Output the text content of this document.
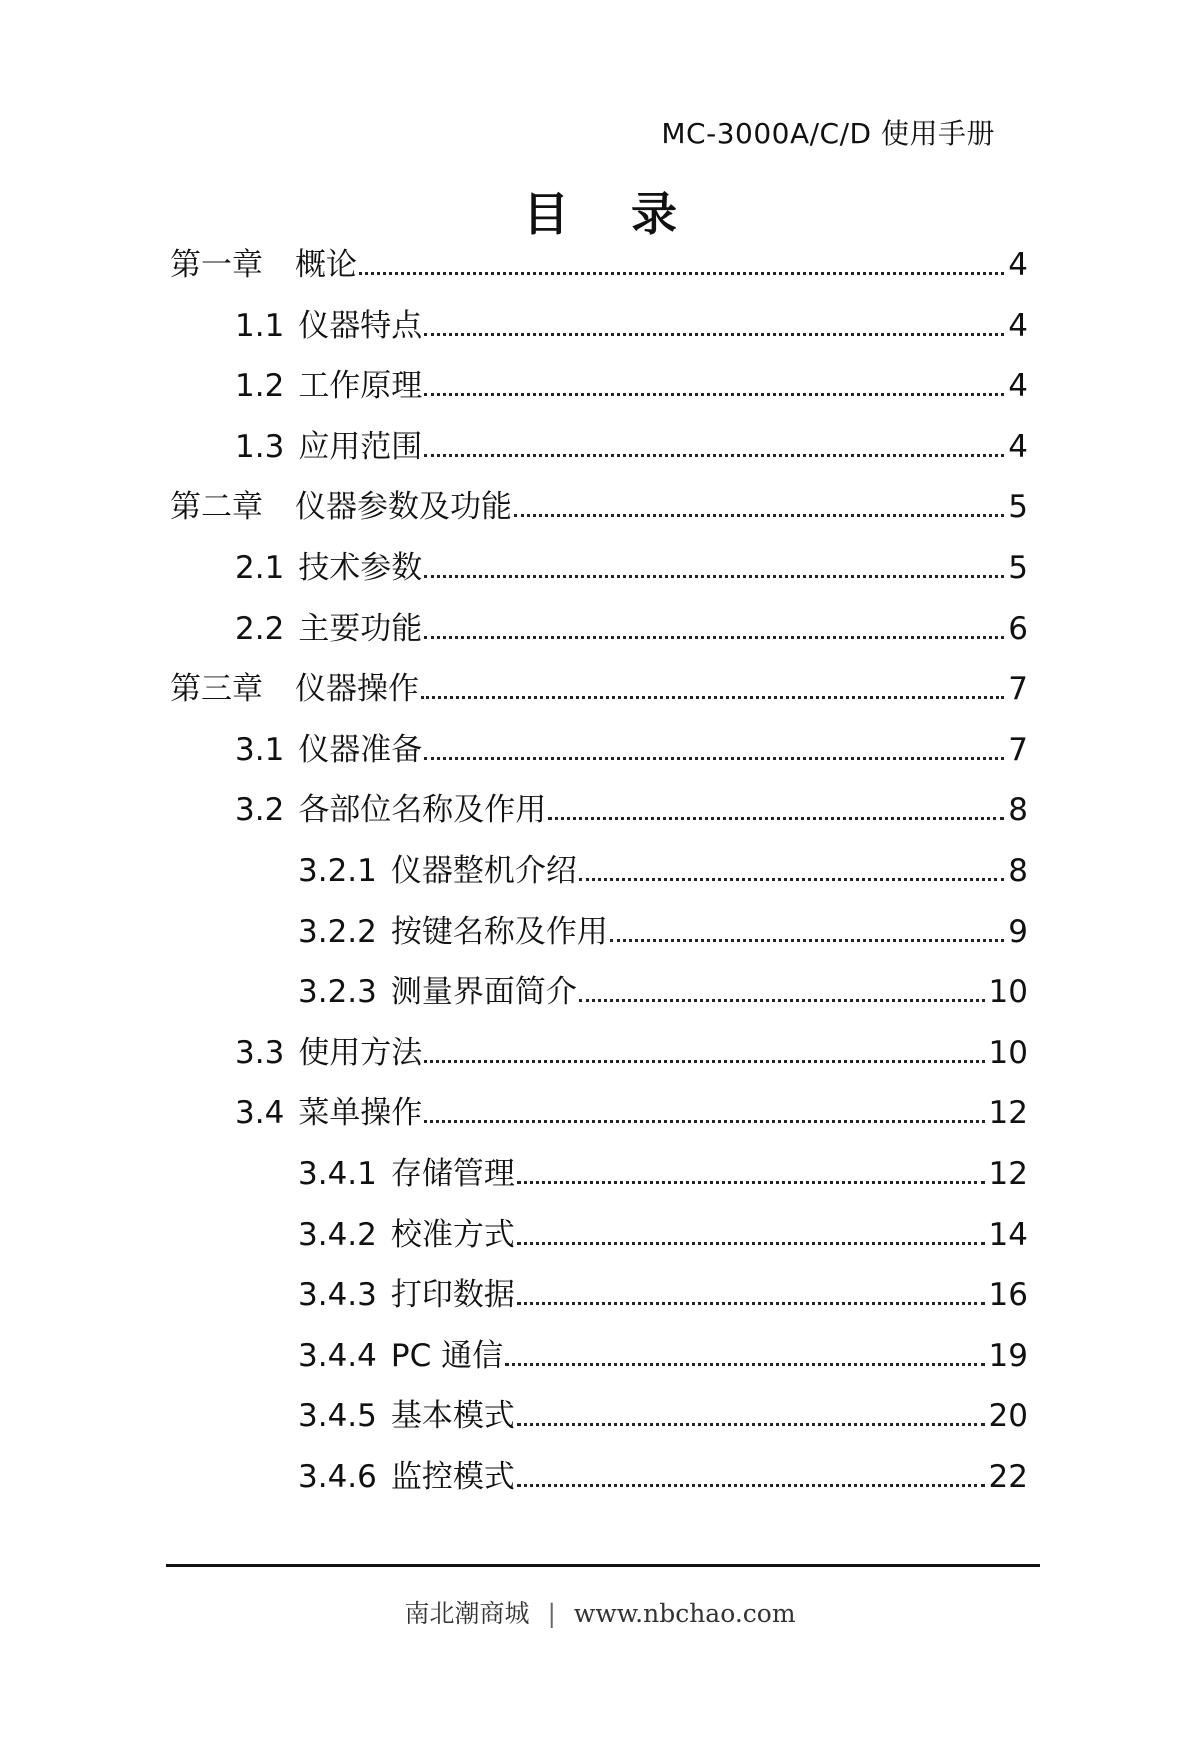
MC-3000A/C/D 使用手册
目录
第一章 概论	4
1.1 仪器特点	4
1.2 工作原理	4
1.3 应用范围	4
第二章 仪器参数及功能	5
2.1 技术参数	5
2.2 主要功能	6
第三章 仪器操作	7
3.1 仪器准备	7
3.2 各部位名称及作用	8
3.2.1 仪器整机介绍	8
3.2.2 按键名称及作用	9
3.2.3 测量界面简介	10
3.3 使用方法	10
3.4 菜单操作	12
3.4.1 存储管理	12
3.4.2 校准方式	14
3.4.3 打印数据	16
3.4.4 PC 通信	19
3.4.5 基本模式	20
3.4.6 监控模式	22
南北潮商城 | www.nbchao.com
